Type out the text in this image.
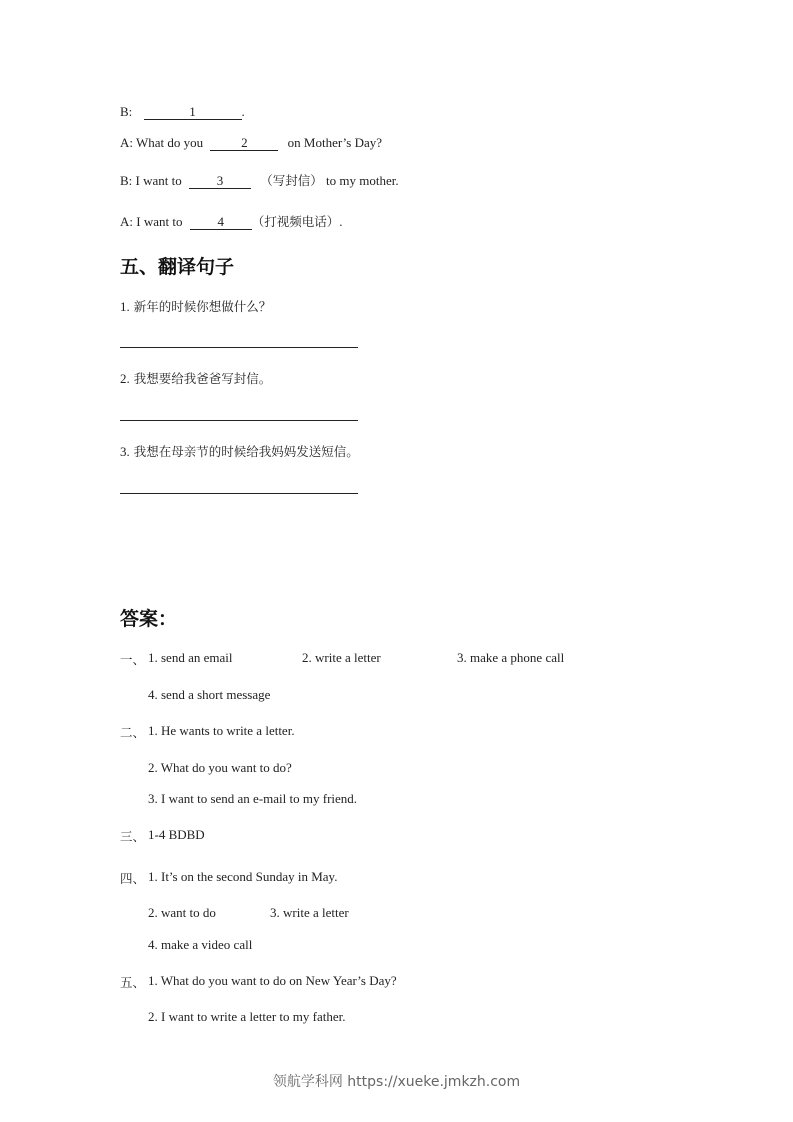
B:	1	.
A: What do you	2	on Mother’s Day?
B: I want to	3	（写封信） to my mother.
A: I want to	4 （打视频电话）.
五、翻译句子
1. 新年的时候你想做什么？
2. 我想要给我爸爸写封信。
3. 我想在母亲节的时候给我妈妈发送短信。
答案：
一、 1. send an email	2. write a letter	3. make a phone call
4. send a short message
二、 1. He wants to write a letter.
2. What do you want to do?
3. I want to send an e-mail to my friend.
三、 1-4 BDBD
四、 1. It’s on the second Sunday in May.
2. want to do	3. write a letter
4. make a video call
五、 1. What do you want to do on New Year’s Day?
2. I want to write a letter to my father.
领航学科网 https://xueke.jmkzh.com
